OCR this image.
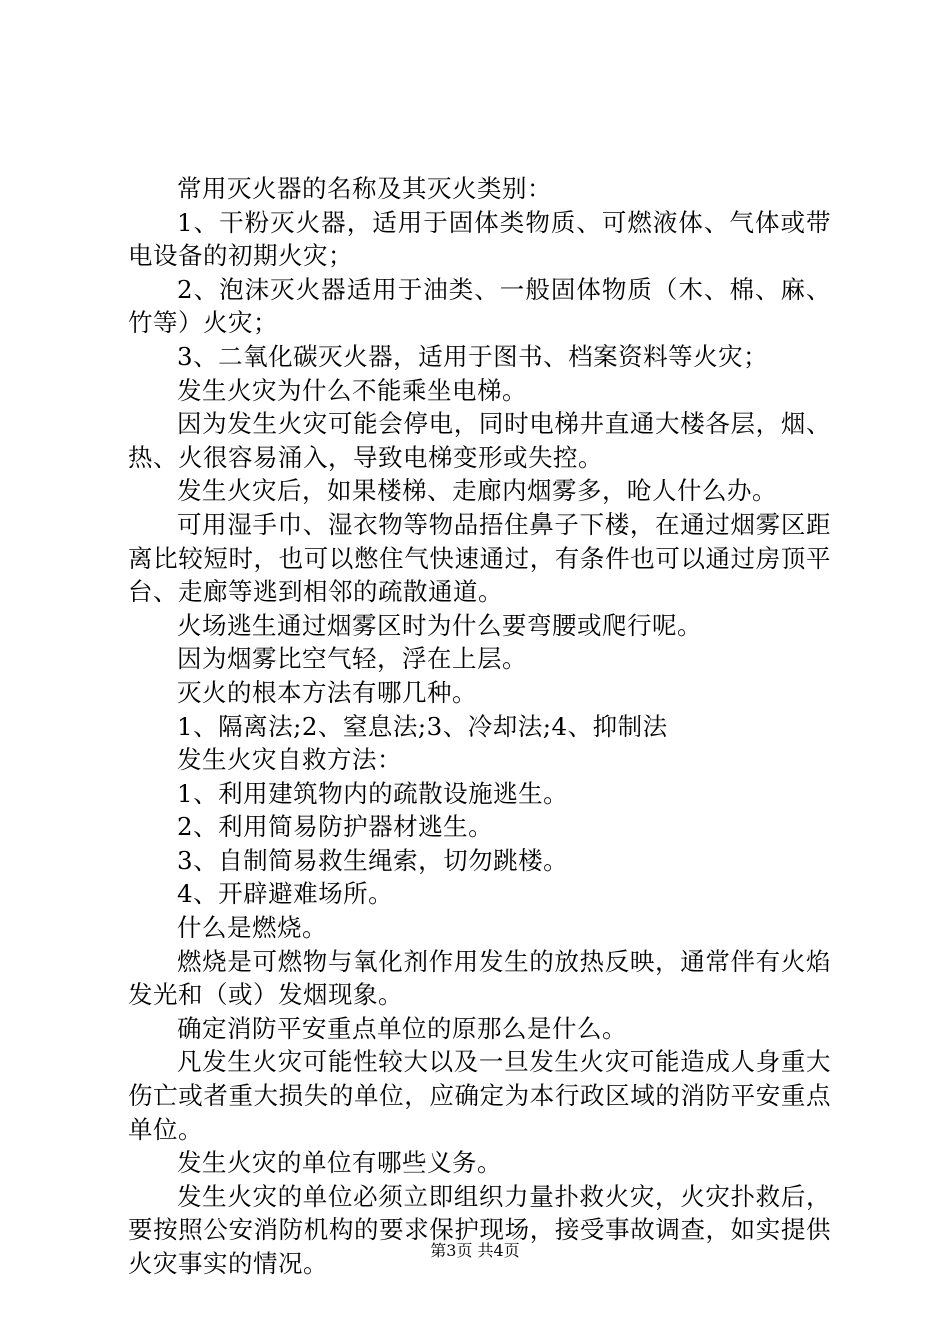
常用灭火器的名称及其灭火类别：

1、干粉灭火器，适用于固体类物质、可燃液体、气体或带电设备的初期火灾；

2、泡沫灭火器适用于油类、一般固体物质（木、棉、麻、竹等）火灾；

3、二氧化碳灭火器，适用于图书、档案资料等火灾；

发生火灾为什么不能乘坐电梯。

因为发生火灾可能会停电，同时电梯井直通大楼各层，烟、热、火很容易涌入，导致电梯变形或失控。

发生火灾后，如果楼梯、走廊内烟雾多，呛人什么办。

可用湿手巾、湿衣物等物品捂住鼻子下楼，在通过烟雾区距离比较短时，也可以憋住气快速通过，有条件也可以通过房顶平台、走廊等逃到相邻的疏散通道。

火场逃生通过烟雾区时为什么要弯腰或爬行呢。

因为烟雾比空气轻，浮在上层。

灭火的根本方法有哪几种。

1、隔离法;2、窒息法;3、冷却法;4、抑制法

发生火灾自救方法：

1、利用建筑物内的疏散设施逃生。

2、利用简易防护器材逃生。

3、自制简易救生绳索，切勿跳楼。

4、开辟避难场所。

什么是燃烧。

燃烧是可燃物与氧化剂作用发生的放热反映，通常伴有火焰发光和（或）发烟现象。

确定消防平安重点单位的原那么是什么。

凡发生火灾可能性较大以及一旦发生火灾可能造成人身重大伤亡或者重大损失的单位，应确定为本行政区域的消防平安重点单位。

发生火灾的单位有哪些义务。

发生火灾的单位必须立即组织力量扑救火灾，火灾扑救后，要按照公安消防机构的要求保护现场，接受事故调查，如实提供火灾事实的情况。	第3页 共4页
